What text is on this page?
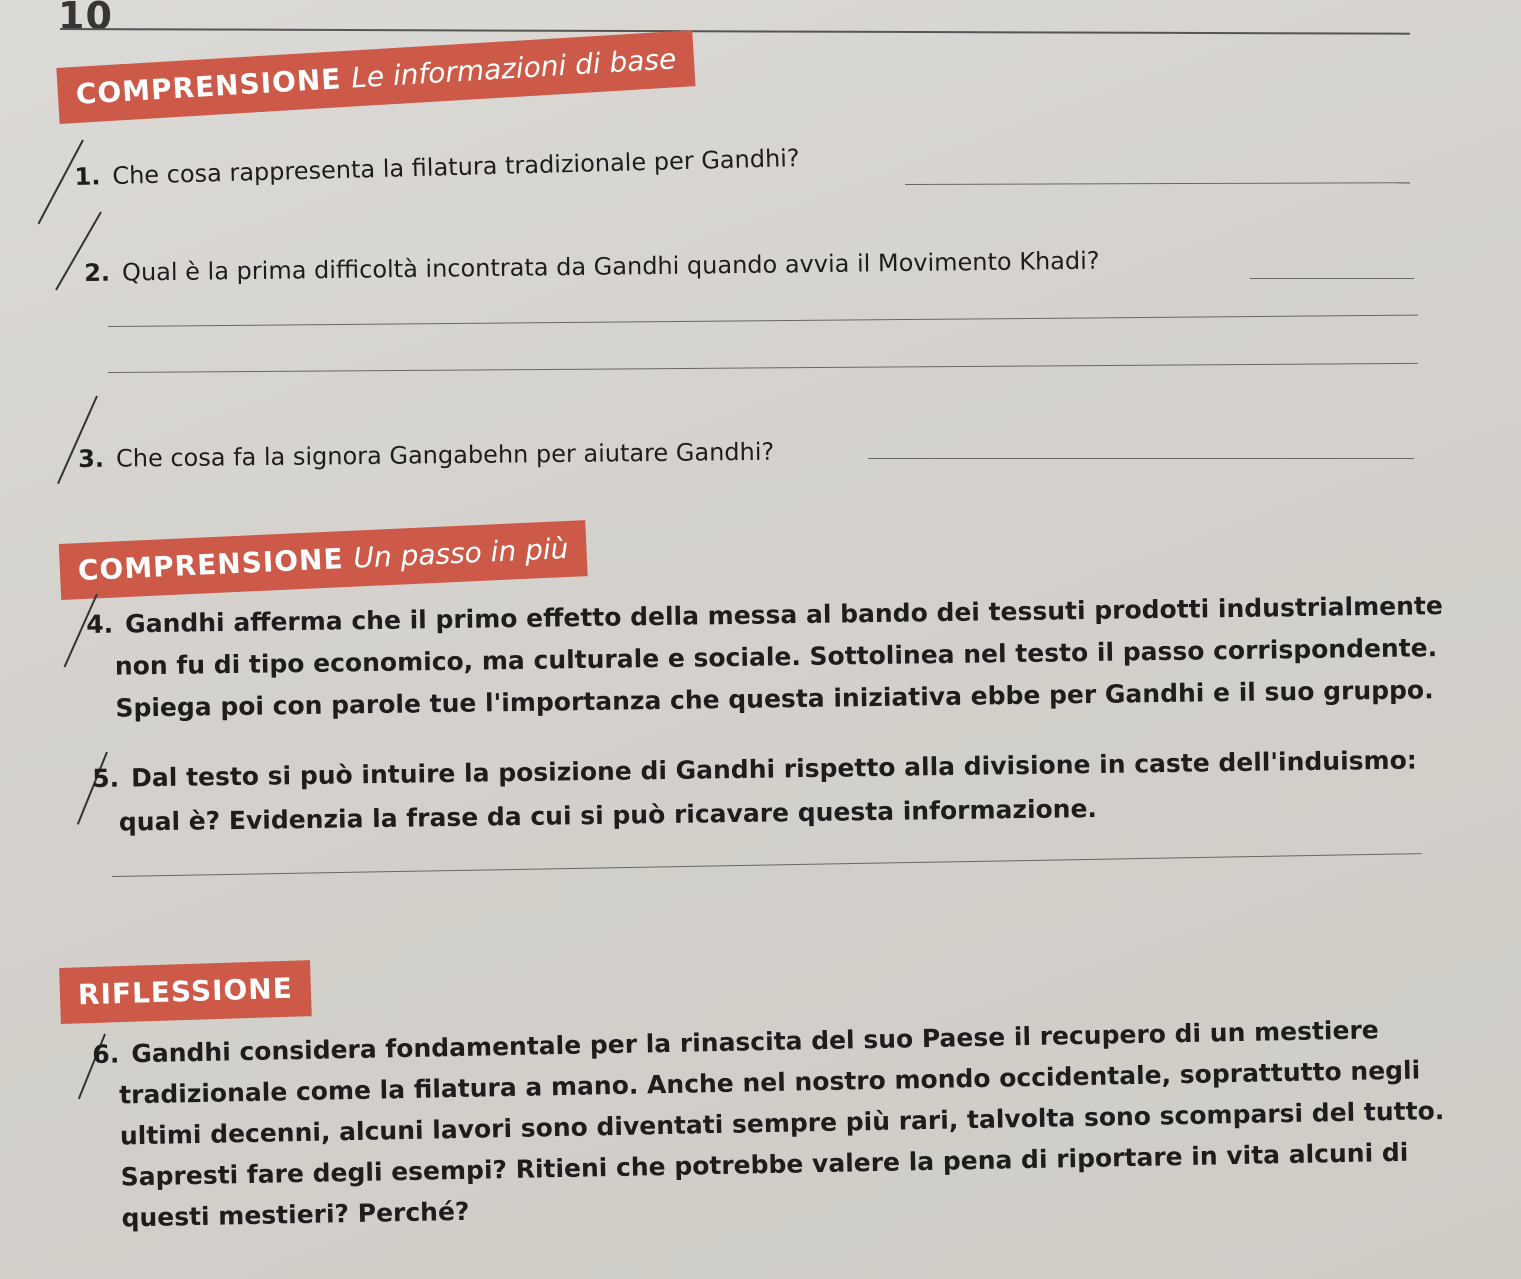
10
COMPRENSIONE Le informazioni di base
1. Che cosa rappresenta la filatura tradizionale per Gandhi?
2. Qual è la prima difficoltà incontrata da Gandhi quando avvia il Movimento Khadi?
3. Che cosa fa la signora Gangabehn per aiutare Gandhi?
COMPRENSIONE Un passo in più
4. Gandhi afferma che il primo effetto della messa al bando dei tessuti prodotti industrialmente
non fu di tipo economico, ma culturale e sociale. Sottolinea nel testo il passo corrispondente.
Spiega poi con parole tue l'importanza che questa iniziativa ebbe per Gandhi e il suo gruppo.
5. Dal testo si può intuire la posizione di Gandhi rispetto alla divisione in caste dell'induismo:
qual è? Evidenzia la frase da cui si può ricavare questa informazione.
RIFLESSIONE
6. Gandhi considera fondamentale per la rinascita del suo Paese il recupero di un mestiere
tradizionale come la filatura a mano. Anche nel nostro mondo occidentale, soprattutto negli
ultimi decenni, alcuni lavori sono diventati sempre più rari, talvolta sono scomparsi del tutto.
Sapresti fare degli esempi? Ritieni che potrebbe valere la pena di riportare in vita alcuni di
questi mestieri? Perché?
